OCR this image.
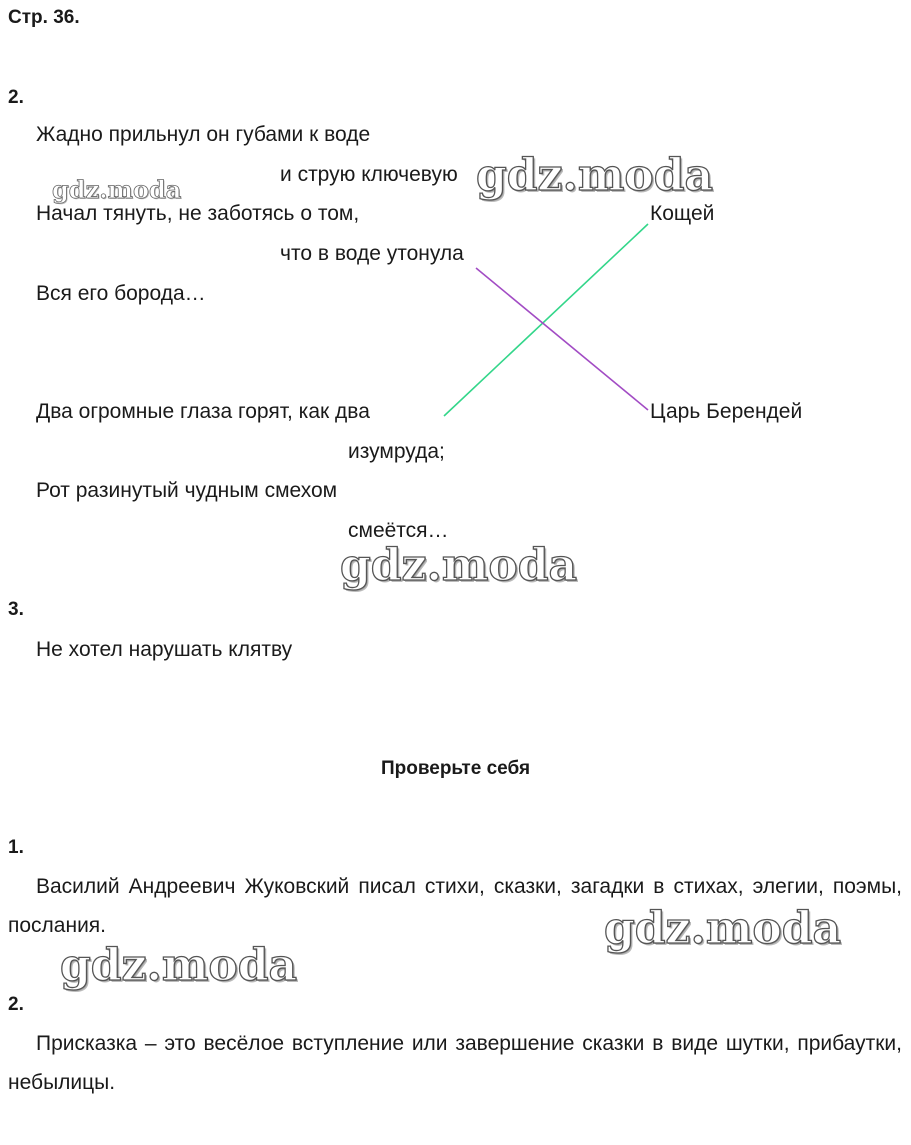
Стр. 36.
2.
Жадно прильнул он губами к воде
и струю ключевую
Начал тянуть, не заботясь о том,
что в воде утонула
Вся его борода…
Два огромные глаза горят, как два
изумруда;
Рот разинутый чудным смехом
смеётся…
Кощей
Царь Берендей
3.
Не хотел нарушать клятву
Проверьте себя
1.
Василий Андреевич Жуковский писал стихи, сказки, загадки в стихах, элегии, поэмы, послания.
2.
Присказка – это весёлое вступление или завершение сказки в виде шутки, прибаутки, небылицы.
gdz.moda	gdz.moda
gdz.moda
gdz.moda
gdz.moda
